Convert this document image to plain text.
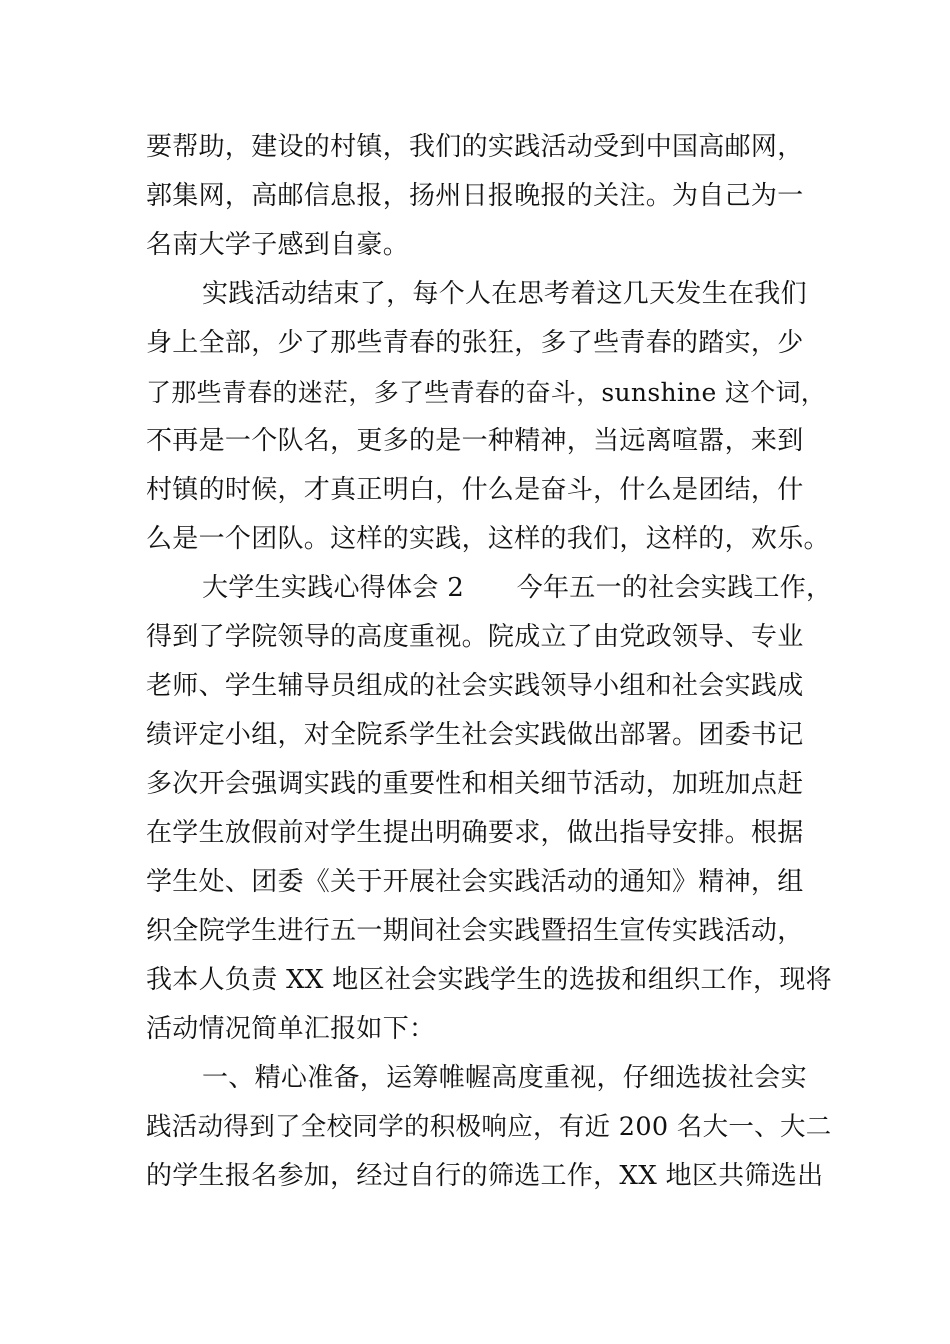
要帮助，建设的村镇，我们的实践活动受到中国高邮网，
郭集网，高邮信息报，扬州日报晚报的关注。为自己为一
名南大学子感到自豪。
实践活动结束了，每个人在思考着这几天发生在我们
身上全部，少了那些青春的张狂，多了些青春的踏实，少
了那些青春的迷茫，多了些青春的奋斗，sunshine 这个词，
不再是一个队名，更多的是一种精神，当远离喧嚣，来到
村镇的时候，才真正明白，什么是奋斗，什么是团结，什
么是一个团队。这样的实践，这样的我们，这样的，欢乐。
大学生实践心得体会 2　　今年五一的社会实践工作，
得到了学院领导的高度重视。院成立了由党政领导、专业
老师、学生辅导员组成的社会实践领导小组和社会实践成
绩评定小组，对全院系学生社会实践做出部署。团委书记
多次开会强调实践的重要性和相关细节活动，加班加点赶
在学生放假前对学生提出明确要求，做出指导安排。根据
学生处、团委《关于开展社会实践活动的通知》精神，组
织全院学生进行五一期间社会实践暨招生宣传实践活动，
我本人负责 XX 地区社会实践学生的选拔和组织工作，现将
活动情况简单汇报如下：
一、精心准备，运筹帷幄高度重视，仔细选拔社会实
践活动得到了全校同学的积极响应，有近 200 名大一、大二
的学生报名参加，经过自行的筛选工作，XX 地区共筛选出
